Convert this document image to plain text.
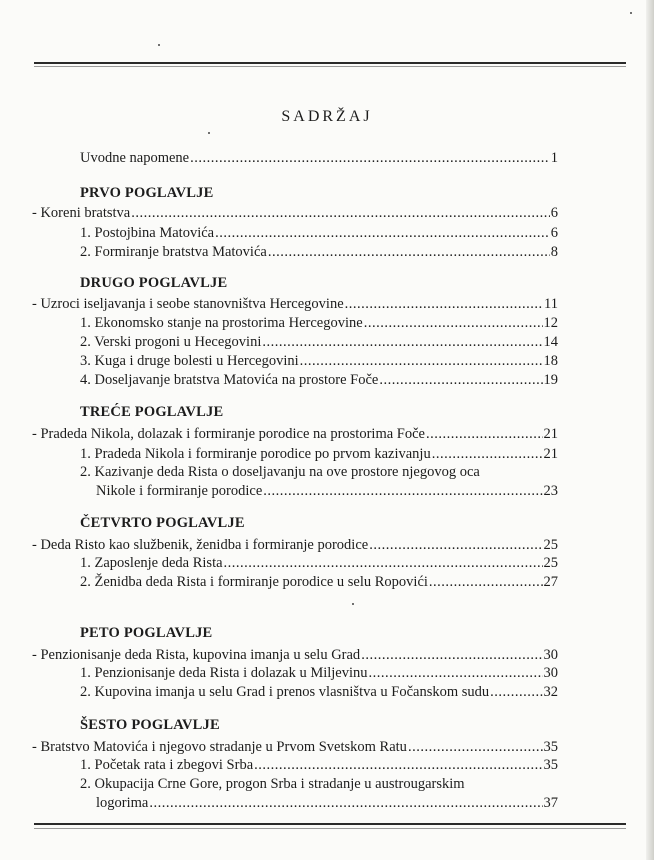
SADRŽAJ
Uvodne napomene .....	1
PRVO POGLAVLJE
- Koreni bratstva .....	6
1. Postojbina Matovića .....	6
2. Formiranje bratstva Matovića .....	8
DRUGO POGLAVLJE
- Uzroci iseljavanja i seobe stanovništva Hercegovine .....	11
1. Ekonomsko stanje na prostorima Hercegovine .....	12
2. Verski progoni u Hecegovini .....	14
3. Kuga i druge bolesti u Hercegovini .....	18
4. Doseljavanje bratstva Matovića na prostore Foče .....	19
TREĆE POGLAVLJE
- Pradeda Nikola, dolazak i formiranje porodice na prostorima Foče .....	21
1. Pradeda Nikola i formiranje porodice po prvom kazivanju .....	21
2. Kazivanje deda Rista o doseljavanju na ove prostore njegovog oca
Nikole i formiranje porodice .....	23
ČETVRTO POGLAVLJE
- Deda Risto kao službenik, ženidba i formiranje porodice .....	25
1. Zaposlenje deda Rista .....	25
2. Ženidba deda Rista i formiranje porodice u selu Ropovići .....	27
PETO POGLAVLJE
- Penzionisanje deda Rista, kupovina imanja u selu Grad .....	30
1. Penzionisanje deda Rista i dolazak u Miljevinu .....	30
2. Kupovina imanja u selu Grad i prenos vlasništva u Fočanskom sudu .....	32
ŠESTO POGLAVLJE
- Bratstvo Matovića i njegovo stradanje u Prvom Svetskom Ratu .....	35
1. Početak rata i zbegovi Srba .....	35
2. Okupacija Crne Gore, progon Srba i stradanje u austrougarskim
logorima .....	37
